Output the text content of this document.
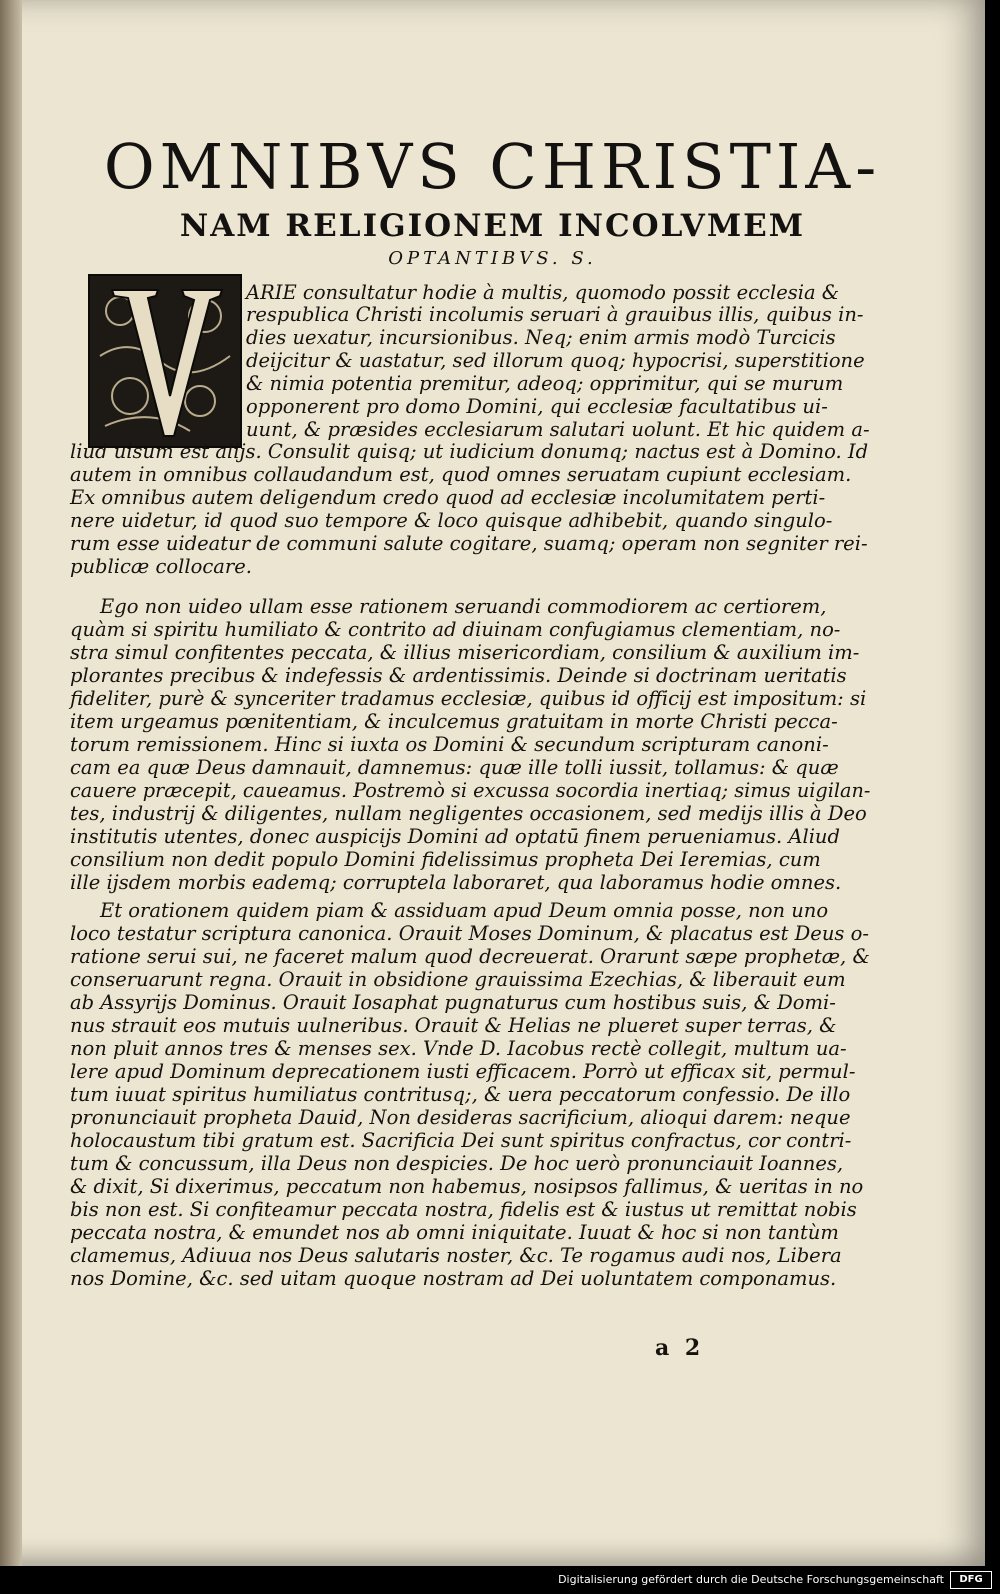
OMNIBVS CHRISTIA-
NAM RELIGIONEM INCOLVMEM
OPTANTIBVS. S.
ARIE consultatur hodie à multis, quomodo possit ecclesia &
respublica Christi incolumis seruari à grauibus illis, quibus in-
dies uexatur, incursionibus. Neq; enim armis modò Turcicis
deijcitur & uastatur, sed illorum quoq; hypocrisi, superstitione
& nimia potentia premitur, adeoq; opprimitur, qui se murum
opponerent pro domo Domini, qui ecclesiæ facultatibus ui-
uunt, & præsides ecclesiarum salutari uolunt. Et hic quidem a-
liud uisum est alijs. Consulit quisq; ut iudicium donumq; nactus est à Domino. Id
autem in omnibus collaudandum est, quod omnes seruatam cupiunt ecclesiam.
Ex omnibus autem deligendum credo quod ad ecclesiæ incolumitatem perti-
nere uidetur, id quod suo tempore & loco quisque adhibebit, quando singulo-
rum esse uideatur de communi salute cogitare, suamq; operam non segniter rei-
publicæ collocare.
Ego non uideo ullam esse rationem seruandi commodiorem ac certiorem,
quàm si spiritu humiliato & contrito ad diuinam confugiamus clementiam, no-
stra simul confitentes peccata, & illius misericordiam, consilium & auxilium im-
plorantes precibus & indefessis & ardentissimis. Deinde si doctrinam ueritatis
fideliter, purè & synceriter tradamus ecclesiæ, quibus id officij est impositum: si
item urgeamus pœnitentiam, & inculcemus gratuitam in morte Christi pecca-
torum remissionem. Hinc si iuxta os Domini & secundum scripturam canoni-
cam ea quæ Deus damnauit, damnemus: quæ ille tolli iussit, tollamus: & quæ
cauere præcepit, caueamus. Postremò si excussa socordia inertiaq; simus uigilan-
tes, industrij & diligentes, nullam negligentes occasionem, sed medijs illis à Deo
institutis utentes, donec auspicijs Domini ad optatū finem perueniamus. Aliud
consilium non dedit populo Domini fidelissimus propheta Dei Ieremias, cum
ille ijsdem morbis eademq; corruptela laboraret, qua laboramus hodie omnes.
Et orationem quidem piam & assiduam apud Deum omnia posse, non uno
loco testatur scriptura canonica. Orauit Moses Dominum, & placatus est Deus o-
ratione serui sui, ne faceret malum quod decreuerat. Orarunt sæpe prophetæ, &
conseruarunt regna. Orauit in obsidione grauissima Ezechias, & liberauit eum
ab Assyrijs Dominus. Orauit Iosaphat pugnaturus cum hostibus suis, & Domi-
nus strauit eos mutuis uulneribus. Orauit & Helias ne plueret super terras, &
non pluit annos tres & menses sex. Vnde D. Iacobus rectè collegit, multum ua-
lere apud Dominum deprecationem iusti efficacem. Porrò ut efficax sit, permul-
tum iuuat spiritus humiliatus contritusq;, & uera peccatorum confessio. De illo
pronunciauit propheta Dauid, Non desideras sacrificium, alioqui darem: neque
holocaustum tibi gratum est. Sacrificia Dei sunt spiritus confractus, cor contri-
tum & concussum, illa Deus non despicies. De hoc uerò pronunciauit Ioannes,
& dixit, Si dixerimus, peccatum non habemus, nosipsos fallimus, & ueritas in no
bis non est. Si confiteamur peccata nostra, fidelis est & iustus ut remittat nobis
peccata nostra, & emundet nos ab omni iniquitate. Iuuat & hoc si non tantùm
clamemus, Adiuua nos Deus salutaris noster, &c. Te rogamus audi nos, Libera
nos Domine, &c. sed uitam quoque nostram ad Dei uoluntatem componamus.
a 2
Digitalisierung gefördert durch die Deutsche Forschungsgemeinschaft	DFG
